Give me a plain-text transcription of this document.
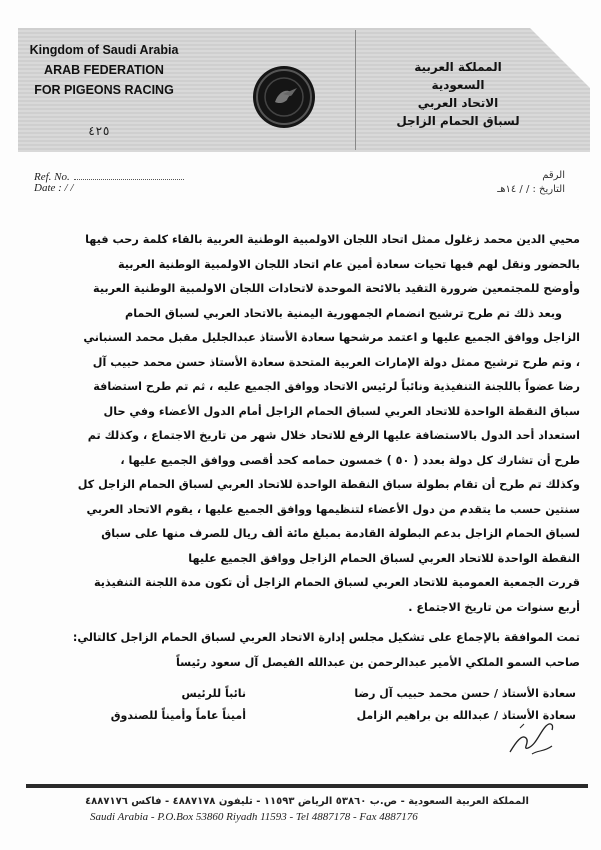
Kingdom of Saudi Arabia
ARAB FEDERATION
FOR PIGEONS RACING
٤٢٥
المملكة العربية السعودية
الاتحاد العربي
لسباق الحمام الزاجل
Ref. No.
Date : / /
الرقم
التاريخ : / / ١٤هـ
محيي الدين محمد زغلول ممثل اتحاد اللجان الاولمبية الوطنية العربية بالقاء كلمة رحب فيها
بالحضور ونقل لهم فيها تحيات سعادة أمين عام اتحاد اللجان الاولمبية الوطنية العربية
وأوضح للمجتمعين ضرورة التقيد بالائحة الموحدة لاتحادات اللجان الاولمبية الوطنية العربية
وبعد ذلك تم طرح ترشيح انضمام الجمهورية اليمنية بالاتحاد العربي لسباق الحمام
الزاجل ووافق الجميع عليها و اعتمد مرشحها سعادة الأستاذ عبدالجليل مقبل محمد السنباني
، وتم طرح ترشيح ممثل دولة الإمارات العربية المتحدة سعادة الأستاذ حسن محمد حبيب آل
رضا عضواً باللجنة التنفيذية ونائباً لرئيس الاتحاد ووافق الجميع عليه ، ثم تم طرح استضافة
سباق النقطة الواحدة للاتحاد العربي لسباق الحمام الزاجل أمام الدول الأعضاء وفي حال
استعداد أحد الدول بالاستضافة عليها الرفع للاتحاد خلال شهر من تاريخ الاجتماع ، وكذلك تم
طرح أن تشارك كل دولة بعدد ( ٥٠ ) خمسون حمامه كحد أقصى ووافق الجميع عليها ،
وكذلك تم طرح أن تقام بطولة سباق النقطة الواحدة للاتحاد العربي لسباق الحمام الزاجل كل
سنتين حسب ما يتقدم من دول الأعضاء لتنظيمها ووافق الجميع عليها ، يقوم الاتحاد العربي
لسباق الحمام الزاجل بدعم البطولة القادمة بمبلغ مائة ألف ريال للصرف منها على سباق
النقطة الواحدة للاتحاد العربي لسباق الحمام الزاجل ووافق الجميع عليها
قررت الجمعية العمومية للاتحاد العربي لسباق الحمام الزاجل أن تكون مدة اللجنة التنفيذية
أربع سنوات من تاريخ الاجتماع .
تمت الموافقة بالإجماع على تشكيل مجلس إدارة الاتحاد العربي لسباق الحمام الزاجل كالتالي:
صاحب السمو الملكي الأمير عبدالرحمن بن عبدالله الفيصل آل سعود رئيساً
سعادة الأستاذ / حسن محمد حبيب آل رضا
نائباً للرئيس
سعادة الأستاذ / عبدالله بن براهيم الزامل
أميناً عاماً وأميناً للصندوق
المملكة العربية السعودية - ص.ب ٥٣٨٦٠ الرياض ١١٥٩٣ - تليفون ٤٨٨٧١٧٨ - فاكس ٤٨٨٧١٧٦
Saudi Arabia - P.O.Box 53860 Riyadh 11593 - Tel 4887178 - Fax 4887176
